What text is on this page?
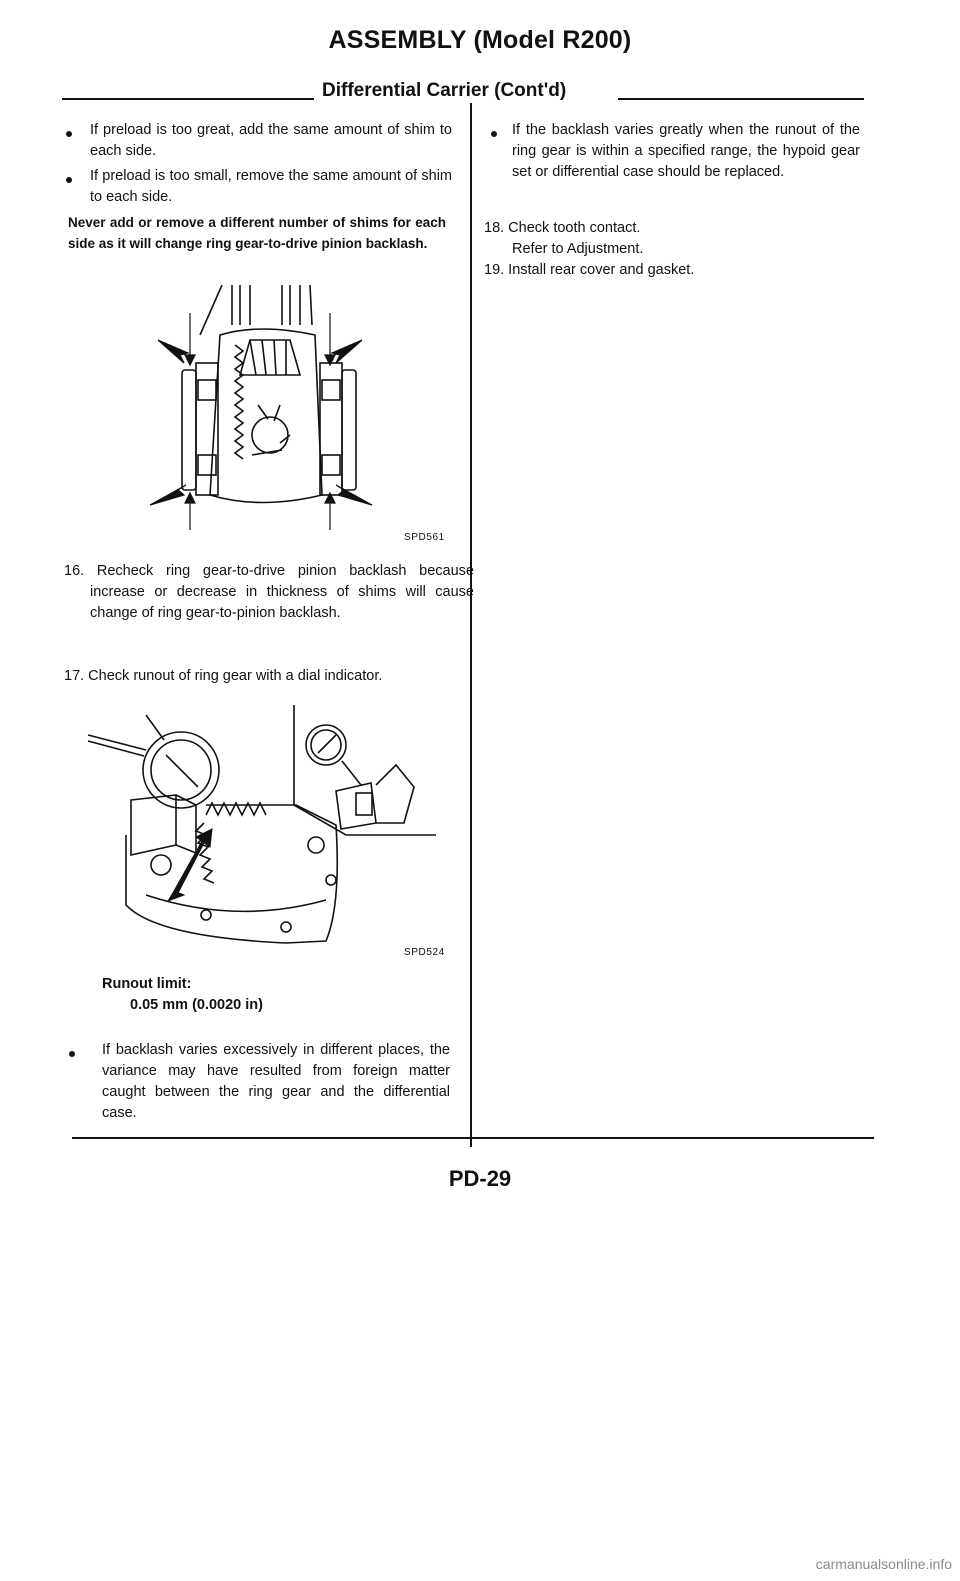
ASSEMBLY (Model R200)
Differential Carrier (Cont'd)
If preload is too great, add the same amount of shim to each side.
If preload is too small, remove the same amount of shim to each side.
Never add or remove a different number of shims for each side as it will change ring gear-to-drive pinion backlash.
SPD561
16. Recheck ring gear-to-drive pinion backlash because increase or decrease in thickness of shims will cause change of ring gear-to-pinion backlash.
17. Check runout of ring gear with a dial indicator.
SPD524
Runout limit:
0.05 mm (0.0020 in)
If backlash varies excessively in different places, the variance may have resulted from foreign matter caught between the ring gear and the differential case.
If the backlash varies greatly when the runout of the ring gear is within a specified range, the hypoid gear set or differential case should be replaced.
18. Check tooth contact.
Refer to Adjustment.
19. Install rear cover and gasket.
PD-29
carmanualsonline.info
